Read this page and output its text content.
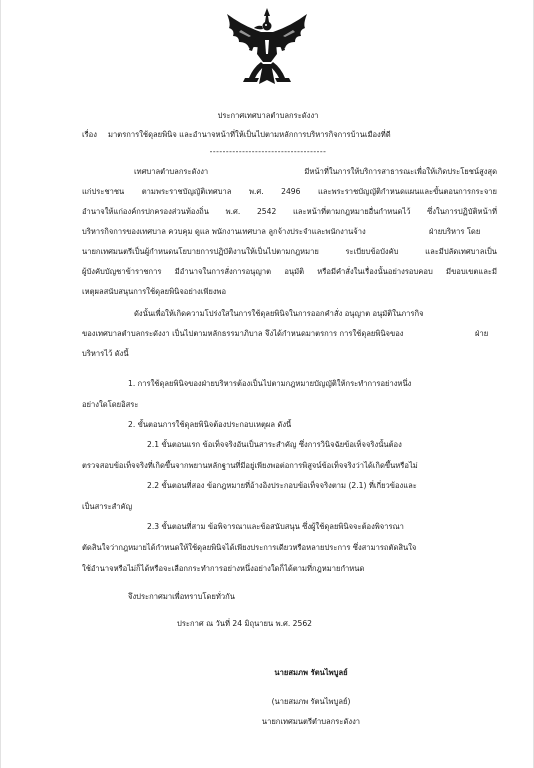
ประกาศเทศบาลตำบลกระดังงา
เรื่อง มาตรการใช้ดุลยพินิจ และอำนาจหน้าที่ให้เป็นไปตามหลักการบริหารกิจการบ้านเมืองที่ดี
------------------------------------
เทศบาลตำบลกระดังงา มีหน้าที่ในการให้บริการสาธารณะเพื่อให้เกิดประโยชน์สูงสุด
แก่ประชาชน ตามพระราชบัญญัติเทศบาล พ.ศ. 2496 และพระราชบัญญัติกำหนดแผนและขั้นตอนการกระจาย
อำนาจให้แก่องค์กรปกครองส่วนท้องถิ่น พ.ศ. 2542 และหน้าที่ตามกฎหมายอื่นกำหนดไว้ ซึ่งในการปฏิบัติหน้าที่
บริหารกิจการของเทศบาล ควบคุม ดูแล พนักงานเทศบาล ลูกจ้างประจำและพนักงานจ้าง	ฝ่ายบริหาร โดย
นายกเทศมนตรีเป็นผู้กำหนดนโยบายการปฏิบัติงานให้เป็นไปตามกฎหมาย ระเบียบข้อบังคับ และมีปลัดเทศบาลเป็น
ผู้บังคับบัญชาข้าราชการ มีอำนาจในการสั่งการอนุญาต อนุมัติ หรือมีคำสั่งในเรื่องนั้นอย่างรอบคอบ มีขอบเขตและมี
เหตุผลสนับสนุนการใช้ดุลยพินิจอย่างเพียงพอ
ดังนั้นเพื่อให้เกิดความโปร่งใสในการใช้ดุลยพินิจในการออกคำสั่ง อนุญาต อนุมัติในภารกิจ
ของเทศบาลตำบลกระดังงา เป็นไปตามหลักธรรมาภิบาล จึงได้กำหนดมาตรการ การใช้ดุลยพินิจของ	ฝ่าย
บริหารไว้ ดังนี้
1. การใช้ดุลยพินิจของฝ่ายบริหารต้องเป็นไปตามกฎหมายบัญญัติให้กระทำการอย่างหนึ่ง
อย่างใดโดยอิสระ
2. ขั้นตอนการใช้ดุลยพินิจต้องประกอบเหตุผล ดังนี้
2.1 ขั้นตอนแรก ข้อเท็จจริงอันเป็นสาระสำคัญ ซึ่งการวินิจฉัยข้อเท็จจริงนั้นต้อง
ตรวจสอบข้อเท็จจริงที่เกิดขึ้นจากพยานหลักฐานที่มีอยู่เพียงพอต่อการพิสูจน์ข้อเท็จจริงว่าได้เกิดขึ้นหรือไม่
2.2 ขั้นตอนที่สอง ข้อกฎหมายที่อ้างอิงประกอบข้อเท็จจริงตาม (2.1) ที่เกี่ยวข้องและ
เป็นสาระสำคัญ
2.3 ขั้นตอนที่สาม ข้อพิจารณาและข้อสนับสนุน ซึ่งผู้ใช้ดุลยพินิจจะต้องพิจารณา
ตัดสินใจว่ากฎหมายได้กำหนดให้ใช้ดุลยพินิจได้เพียงประการเดียวหรือหลายประการ ซึ่งสามารถตัดสินใจ
ใช้อำนาจหรือไม่ก็ได้หรือจะเลือกกระทำการอย่างหนึ่งอย่างใดก็ได้ตามที่กฎหมายกำหนด
จึงประกาศมาเพื่อทราบโดยทั่วกัน
ประกาศ ณ วันที่ 24 มิถุนายน พ.ศ. 2562
นายสมภพ รัตนไพบูลย์
(นายสมภพ รัตนไพบูลย์)
นายกเทศมนตรีตำบลกระดังงา
